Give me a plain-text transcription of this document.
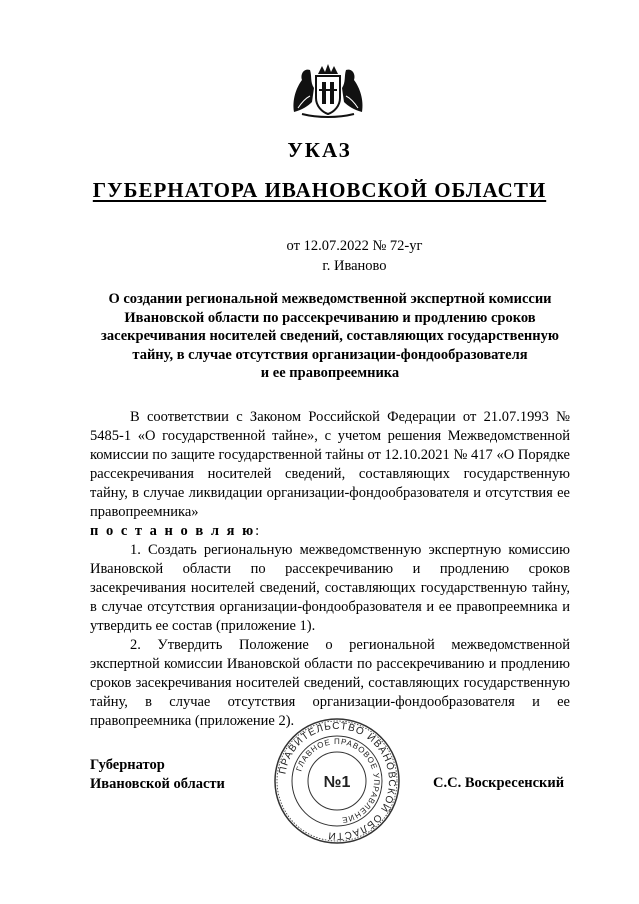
УКАЗ
ГУБЕРНАТОРА ИВАНОВСКОЙ ОБЛАСТИ
от 12.07.2022 № 72-уг
г. Иваново
О создании региональной межведомственной экспертной комиссии
Ивановской области по рассекречиванию и продлению сроков
засекречивания носителей сведений, составляющих государственную
тайну, в случае отсутствия организации-фондообразователя
и ее правопреемника

В соответствии с Законом Российской Федерации от 21.07.1993 № 5485-1 «О государственной тайне», с учетом решения Межведомственной комиссии по защите государственной тайны от 12.10.2021 № 417 «О Порядке рассекречивания носителей сведений, составляющих государственную тайну, в случае ликвидации организации-фондообразователя и отсутствия ее правопреемника»

п о с т а н о в л я ю:

1. Создать региональную межведомственную экспертную комиссию Ивановской области по рассекречиванию и продлению сроков засекречивания носителей сведений, составляющих государственную тайну, в случае отсутствия организации-фондообразователя и ее правопреемника и утвердить ее состав (приложение 1).

2. Утвердить Положение о региональной межведомственной экспертной комиссии Ивановской области по рассекречиванию и продлению сроков засекречивания носителей сведений, составляющих государственную тайну, в случае отсутствия организации-фондообразователя и ее правопреемника (приложение 2).

Губернатор
Ивановской области
ПРАВИТЕЛЬСТВО ИВАНОВСКОЙ ОБЛАСТИ
ГЛАВНОЕ ПРАВОВОЕ УПРАВЛЕНИЕ
№1	С.С. Воскресенский
